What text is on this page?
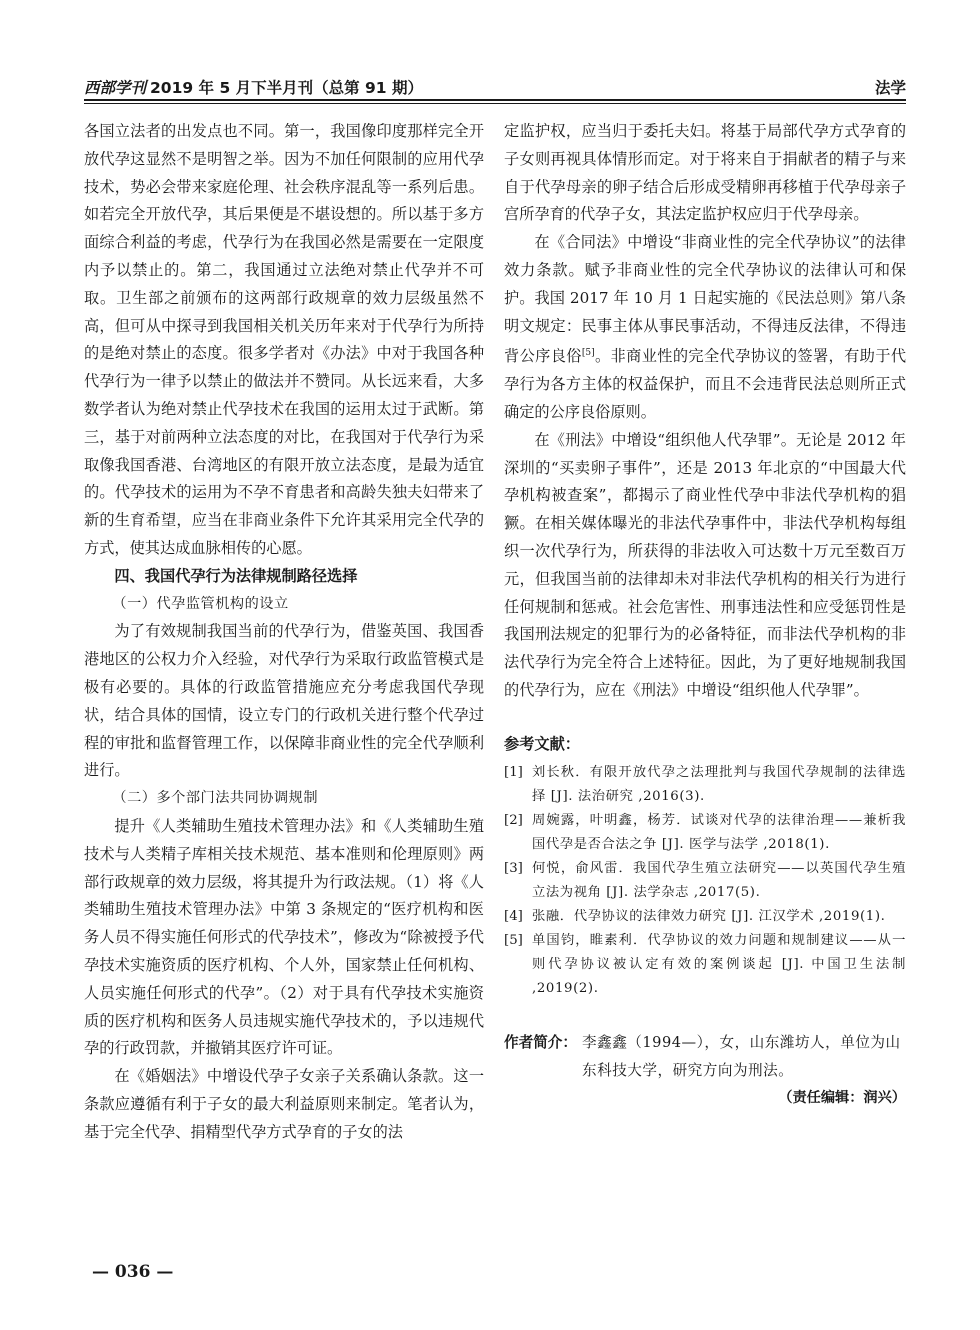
西部学刊 2019 年 5 月下半月刊（总第 91 期）	法学

各国立法者的出发点也不同。第一，我国像印度那样完全开放代孕这显然不是明智之举。因为不加任何限制的应用代孕技术，势必会带来家庭伦理、社会秩序混乱等一系列后患。如若完全开放代孕，其后果便是不堪设想的。所以基于多方面综合利益的考虑，代孕行为在我国必然是需要在一定限度内予以禁止的。第二，我国通过立法绝对禁止代孕并不可取。卫生部之前颁布的这两部行政规章的效力层级虽然不高，但可从中探寻到我国相关机关历年来对于代孕行为所持的是绝对禁止的态度。很多学者对《办法》中对于我国各种代孕行为一律予以禁止的做法并不赞同。从长远来看，大多数学者认为绝对禁止代孕技术在我国的运用太过于武断。第三，基于对前两种立法态度的对比，在我国对于代孕行为采取像我国香港、台湾地区的有限开放立法态度，是最为适宜的。代孕技术的运用为不孕不育患者和高龄失独夫妇带来了新的生育希望，应当在非商业条件下允许其采用完全代孕的方式，使其达成血脉相传的心愿。

四、我国代孕行为法律规制路径选择

（一）代孕监管机构的设立

为了有效规制我国当前的代孕行为，借鉴英国、我国香港地区的公权力介入经验，对代孕行为采取行政监管模式是极有必要的。具体的行政监管措施应充分考虑我国代孕现状，结合具体的国情，设立专门的行政机关进行整个代孕过程的审批和监督管理工作，以保障非商业性的完全代孕顺利进行。

（二）多个部门法共同协调规制

提升《人类辅助生殖技术管理办法》和《人类辅助生殖技术与人类精子库相关技术规范、基本准则和伦理原则》两部行政规章的效力层级，将其提升为行政法规。（1）将《人类辅助生殖技术管理办法》中第 3 条规定的“医疗机构和医务人员不得实施任何形式的代孕技术”，修改为“除被授予代孕技术实施资质的医疗机构、个人外，国家禁止任何机构、人员实施任何形式的代孕”。（2）对于具有代孕技术实施资质的医疗机构和医务人员违规实施代孕技术的，予以违规代孕的行政罚款，并撤销其医疗许可证。

在《婚姻法》中增设代孕子女亲子关系确认条款。这一条款应遵循有利于子女的最大利益原则来制定。笔者认为，基于完全代孕、捐精型代孕方式孕育的子女的法

定监护权，应当归于委托夫妇。将基于局部代孕方式孕育的子女则再视具体情形而定。对于将来自于捐献者的精子与来自于代孕母亲的卵子结合后形成受精卵再移植于代孕母亲子宫所孕育的代孕子女，其法定监护权应归于代孕母亲。

在《合同法》中增设“非商业性的完全代孕协议”的法律效力条款。赋予非商业性的完全代孕协议的法律认可和保护。我国 2017 年 10 月 1 日起实施的《民法总则》第八条明文规定：民事主体从事民事活动，不得违反法律，不得违背公序良俗[5]。非商业性的完全代孕协议的签署，有助于代孕行为各方主体的权益保护，而且不会违背民法总则所正式确定的公序良俗原则。

在《刑法》中增设“组织他人代孕罪”。无论是 2012 年深圳的“买卖卵子事件”，还是 2013 年北京的“中国最大代孕机构被查案”，都揭示了商业性代孕中非法代孕机构的猖獗。在相关媒体曝光的非法代孕事件中，非法代孕机构每组织一次代孕行为，所获得的非法收入可达数十万元至数百万元，但我国当前的法律却未对非法代孕机构的相关行为进行任何规制和惩戒。社会危害性、刑事违法性和应受惩罚性是我国刑法规定的犯罪行为的必备特征，而非法代孕机构的非法代孕行为完全符合上述特征。因此，为了更好地规制我国的代孕行为，应在《刑法》中增设“组织他人代孕罪”。

参考文献：
[1] 刘长秋．有限开放代孕之法理批判与我国代孕规制的法律选择 [J]. 法治研究 ,2016(3).
[2] 周婉露，叶明鑫，杨芳．试谈对代孕的法律治理——兼析我国代孕是否合法之争 [J]. 医学与法学 ,2018(1).
[3] 何悦，俞风雷．我国代孕生殖立法研究——以英国代孕生殖立法为视角 [J]. 法学杂志 ,2017(5).
[4] 张融．代孕协议的法律效力研究 [J]. 江汉学术 ,2019(1).
[5] 单国钧，睢素利．代孕协议的效力问题和规制建议——从一则代孕协议被认定有效的案例谈起 [J]. 中国卫生法制 ,2019(2).
作者简介： 李鑫鑫（1994—），女，山东潍坊人，单位为山东科技大学，研究方向为刑法。
（责任编辑：润兴）
— 036 —
